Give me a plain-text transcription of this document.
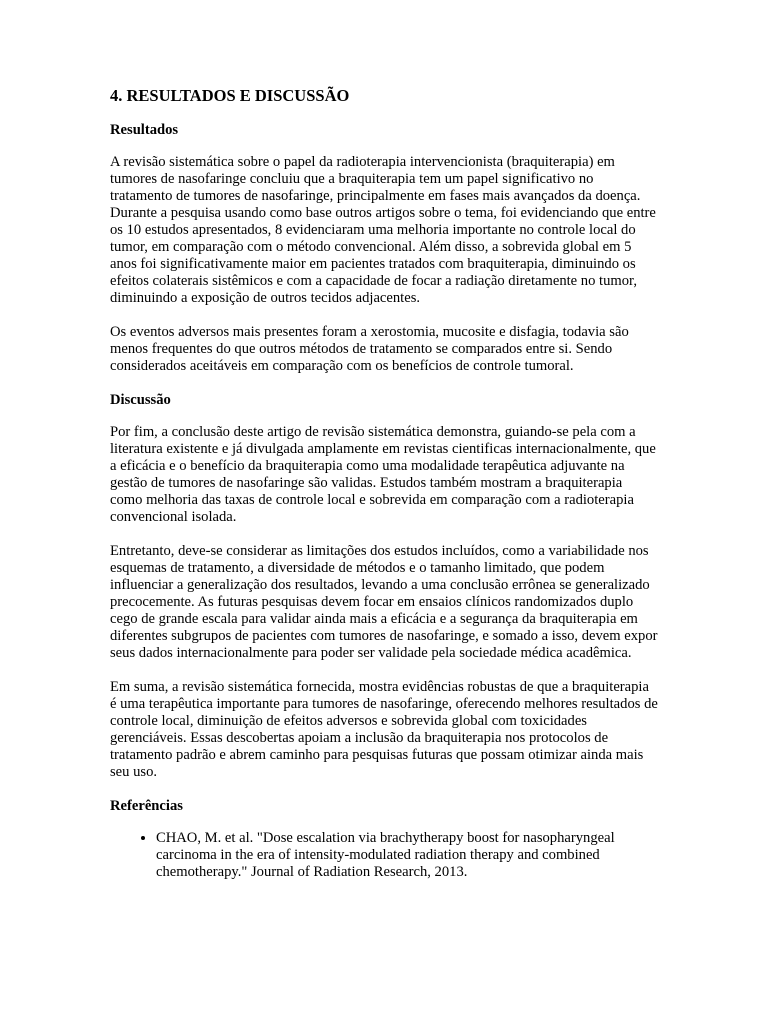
4. RESULTADOS E DISCUSSÃO
Resultados

A revisão sistemática sobre o papel da radioterapia intervencionista (braquiterapia) em tumores de nasofaringe concluiu que a braquiterapia tem um papel significativo no tratamento de tumores de nasofaringe, principalmente em fases mais avançados da doença. Durante a pesquisa usando como base outros artigos sobre o tema, foi evidenciando que entre os 10 estudos apresentados, 8 evidenciaram uma melhoria importante no controle local do tumor, em comparação com o método convencional. Além disso, a sobrevida global em 5 anos foi significativamente maior em pacientes tratados com braquiterapia, diminuindo os efeitos colaterais sistêmicos e com a capacidade de focar a radiação diretamente no tumor, diminuindo a exposição de outros tecidos adjacentes.

Os eventos adversos mais presentes foram a xerostomia, mucosite e disfagia, todavia são menos frequentes do que outros métodos de tratamento se comparados entre si. Sendo considerados aceitáveis em comparação com os benefícios de controle tumoral.

Discussão

Por fim, a conclusão deste artigo de revisão sistemática demonstra, guiando-se pela com a literatura existente e já divulgada amplamente em revistas cientificas internacionalmente, que a eficácia e o benefício da braquiterapia como uma modalidade terapêutica adjuvante na gestão de tumores de nasofaringe são validas. Estudos também mostram a braquiterapia como melhoria das taxas de controle local e sobrevida em comparação com a radioterapia convencional isolada.

Entretanto, deve-se considerar as limitações dos estudos incluídos, como a variabilidade nos esquemas de tratamento, a diversidade de métodos e o tamanho limitado, que podem influenciar a generalização dos resultados, levando a uma conclusão errônea se generalizado precocemente. As futuras pesquisas devem focar em ensaios clínicos randomizados duplo cego de grande escala para validar ainda mais a eficácia e a segurança da braquiterapia em diferentes subgrupos de pacientes com tumores de nasofaringe, e somado a isso, devem expor seus dados internacionalmente para poder ser validade pela sociedade médica acadêmica.

Em suma, a revisão sistemática fornecida, mostra evidências robustas de que a braquiterapia é uma terapêutica importante para tumores de nasofaringe, oferecendo melhores resultados de controle local, diminuição de efeitos adversos e sobrevida global com toxicidades gerenciáveis. Essas descobertas apoiam a inclusão da braquiterapia nos protocolos de tratamento padrão e abrem caminho para pesquisas futuras que possam otimizar ainda mais seu uso.

Referências
• CHAO, M. et al. "Dose escalation via brachytherapy boost for nasopharyngeal carcinoma in the era of intensity-modulated radiation therapy and combined chemotherapy." Journal of Radiation Research, 2013.
